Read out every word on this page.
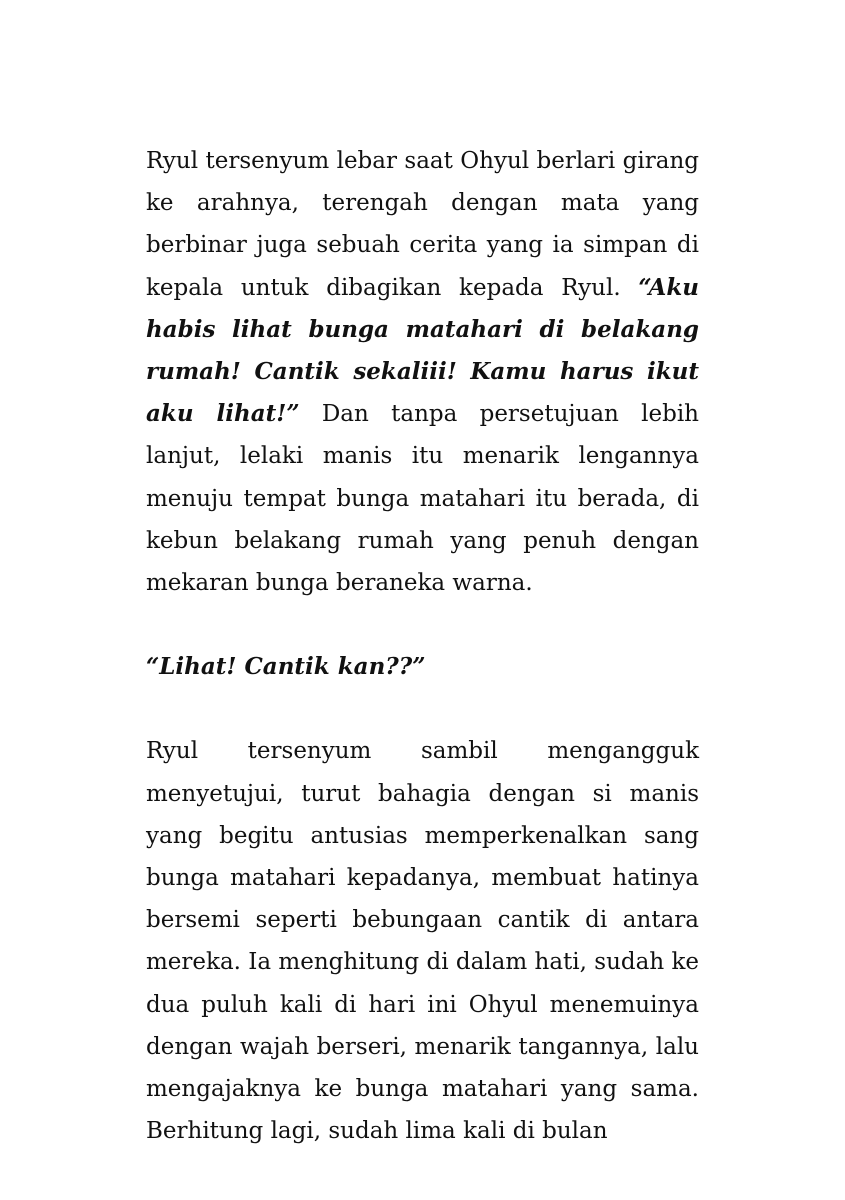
Ryul tersenyum lebar saat Ohyul berlari girang ke arahnya, terengah dengan mata yang berbinar juga sebuah cerita yang ia simpan di kepala untuk dibagikan kepada Ryul. “Aku habis lihat bunga matahari di belakang rumah! Cantik sekaliii! Kamu harus ikut aku lihat!” Dan tanpa persetujuan lebih lanjut, lelaki manis itu menarik lengannya menuju tempat bunga matahari itu berada, di kebun belakang rumah yang penuh dengan mekaran bunga beraneka warna.

“Lihat! Cantik kan??”

Ryul tersenyum sambil mengangguk menyetujui, turut bahagia dengan si manis yang begitu antusias memperkenalkan sang bunga matahari kepadanya, membuat hatinya bersemi seperti bebungaan cantik di antara mereka. Ia menghitung di dalam hati, sudah ke dua puluh kali di hari ini Ohyul menemuinya dengan wajah berseri, menarik tangannya, lalu mengajaknya ke bunga matahari yang sama. Berhitung lagi, sudah lima kali di bulan
